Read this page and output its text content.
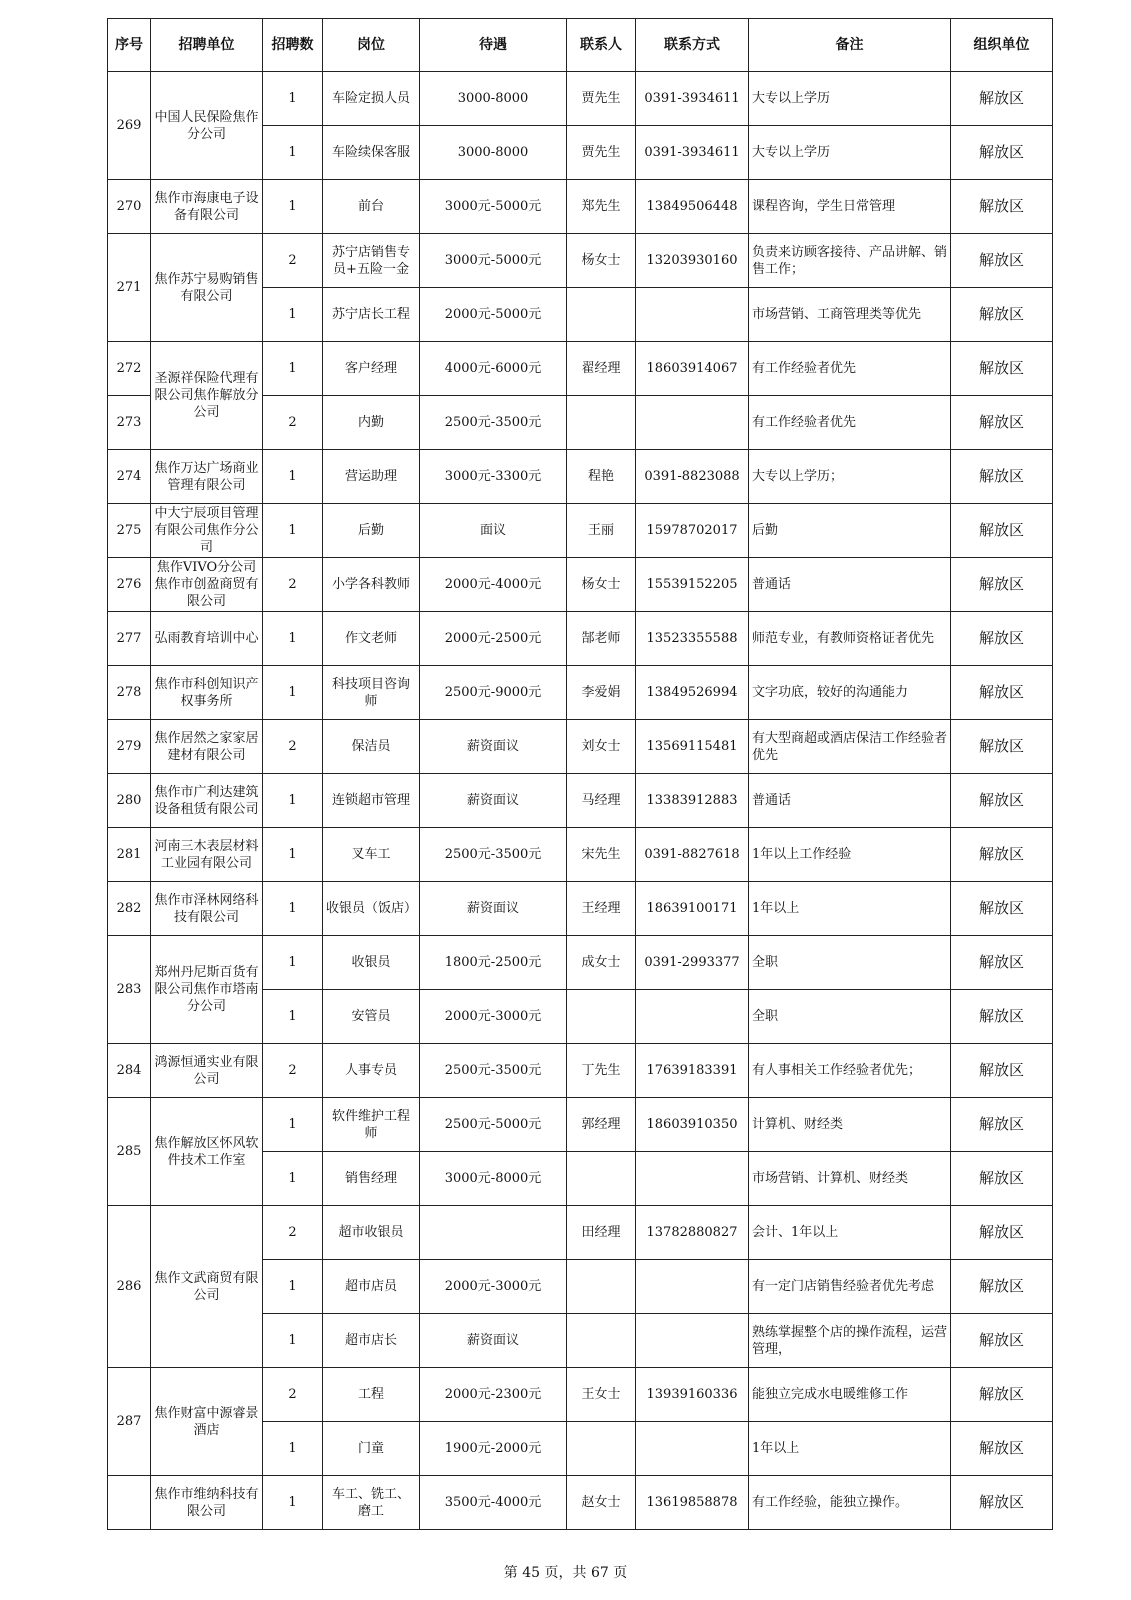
序号	招聘单位	招聘数	岗位	待遇	联系人	联系方式	备注	组织单位
269	中国人民保险焦作分公司	1	车险定损人员	3000-8000	贾先生	0391-3934611	大专以上学历	解放区
		1	车险续保客服	3000-8000	贾先生	0391-3934611	大专以上学历	解放区
270	焦作市海康电子设备有限公司	1	前台	3000元-5000元	郑先生	13849506448	课程咨询，学生日常管理	解放区
271	焦作苏宁易购销售有限公司	2	苏宁店销售专员+五险一金	3000元-5000元	杨女士	13203930160	负责来访顾客接待、产品讲解、销售工作；	解放区
		1	苏宁店长工程	2000元-5000元			市场营销、工商管理类等优先	解放区
272	圣源祥保险代理有限公司焦作解放分公司	1	客户经理	4000元-6000元	翟经理	18603914067	有工作经验者优先	解放区
273		2	内勤	2500元-3500元			有工作经验者优先	解放区
274	焦作万达广场商业管理有限公司	1	营运助理	3000元-3300元	程艳	0391-8823088	大专以上学历；	解放区
275	中大宁辰项目管理有限公司焦作分公司	1	后勤	面议	王丽	15978702017	后勤	解放区
276	焦作VIVO分公司焦作市创盈商贸有限公司	2	小学各科教师	2000元-4000元	杨女士	15539152205	普通话	解放区
277	弘雨教育培训中心	1	作文老师	2000元-2500元	郜老师	13523355588	师范专业，有教师资格证者优先	解放区
278	焦作市科创知识产权事务所	1	科技项目咨询师	2500元-9000元	李爱娟	13849526994	文字功底，较好的沟通能力	解放区
279	焦作居然之家家居建材有限公司	2	保洁员	薪资面议	刘女士	13569115481	有大型商超或酒店保洁工作经验者优先	解放区
280	焦作市广利达建筑设备租赁有限公司	1	连锁超市管理	薪资面议	马经理	13383912883	普通话	解放区
281	河南三木表层材料工业园有限公司	1	叉车工	2500元-3500元	宋先生	0391-8827618	1年以上工作经验	解放区
282	焦作市泽林网络科技有限公司	1	收银员（饭店）	薪资面议	王经理	18639100171	1年以上	解放区
283	郑州丹尼斯百货有限公司焦作市塔南分公司	1	收银员	1800元-2500元	成女士	0391-2993377	全职	解放区
		1	安管员	2000元-3000元			全职	解放区
284	鸿源恒通实业有限公司	2	人事专员	2500元-3500元	丁先生	17639183391	有人事相关工作经验者优先；	解放区
285	焦作解放区怀风软件技术工作室	1	软件维护工程师	2500元-5000元	郭经理	18603910350	计算机、财经类	解放区
		1	销售经理	3000元-8000元			市场营销、计算机、财经类	解放区
286	焦作文武商贸有限公司	2	超市收银员		田经理	13782880827	会计、1年以上	解放区
		1	超市店员	2000元-3000元			有一定门店销售经验者优先考虑	解放区
		1	超市店长	薪资面议			熟练掌握整个店的操作流程，运营管理，	解放区
287	焦作财富中源睿景酒店	2	工程	2000元-2300元	王女士	13939160336	能独立完成水电暖维修工作	解放区
		1	门童	1900元-2000元			1年以上	解放区
	焦作市维纳科技有限公司	1	车工、铣工、磨工	3500元-4000元	赵女士	13619858878	有工作经验，能独立操作。	解放区
第 45 页，共 67 页
